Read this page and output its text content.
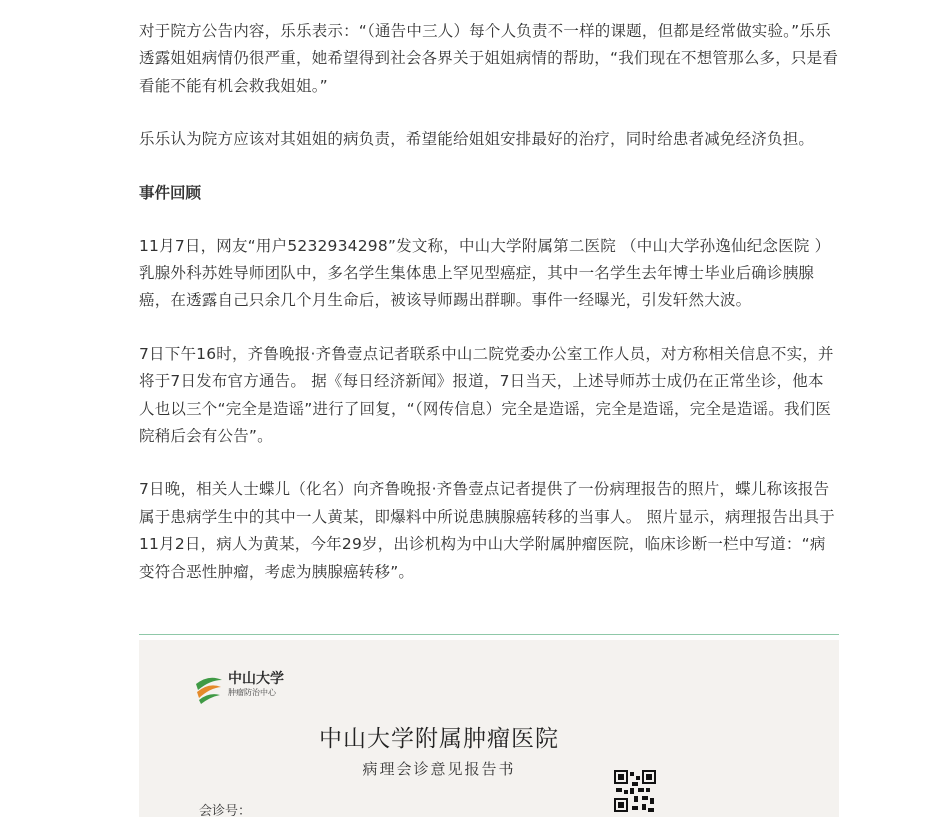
对于院方公告内容，乐乐表示：“（通告中三人）每个人负责不一样的课题，但都是经常做实验。”乐乐透露姐姐病情仍很严重，她希望得到社会各界关于姐姐病情的帮助，“我们现在不想管那么多，只是看看能不能有机会救我姐姐。”

乐乐认为院方应该对其姐姐的病负责，希望能给姐姐安排最好的治疗，同时给患者减免经济负担。

事件回顾

11月7日，网友“用户5232934298”发文称，中山大学附属第二医院 （中山大学孙逸仙纪念医院 ）乳腺外科苏姓导师团队中，多名学生集体患上罕见型癌症，其中一名学生去年博士毕业后确诊胰腺癌，在透露自己只余几个月生命后，被该导师踢出群聊。事件一经曝光，引发轩然大波。

7日下午16时，齐鲁晚报·齐鲁壹点记者联系中山二院党委办公室工作人员，对方称相关信息不实，并将于7日发布官方通告。 据《每日经济新闻》报道，7日当天，上述导师苏士成仍在正常坐诊，他本人也以三个“完全是造谣”进行了回复，“（网传信息）完全是造谣，完全是造谣，完全是造谣。我们医院稍后会有公告”。

7日晚，相关人士蝶儿（化名）向齐鲁晚报·齐鲁壹点记者提供了一份病理报告的照片，蝶儿称该报告属于患病学生中的其中一人黄某，即爆料中所说患胰腺癌转移的当事人。 照片显示，病理报告出具于11月2日，病人为黄某，今年29岁，出诊机构为中山大学附属肿瘤医院，临床诊断一栏中写道：“病变符合恶性肿瘤，考虑为胰腺癌转移”。

中山大学
肿瘤防治中心
中山大学附属肿瘤医院
病理会诊意见报告书
会诊号：
